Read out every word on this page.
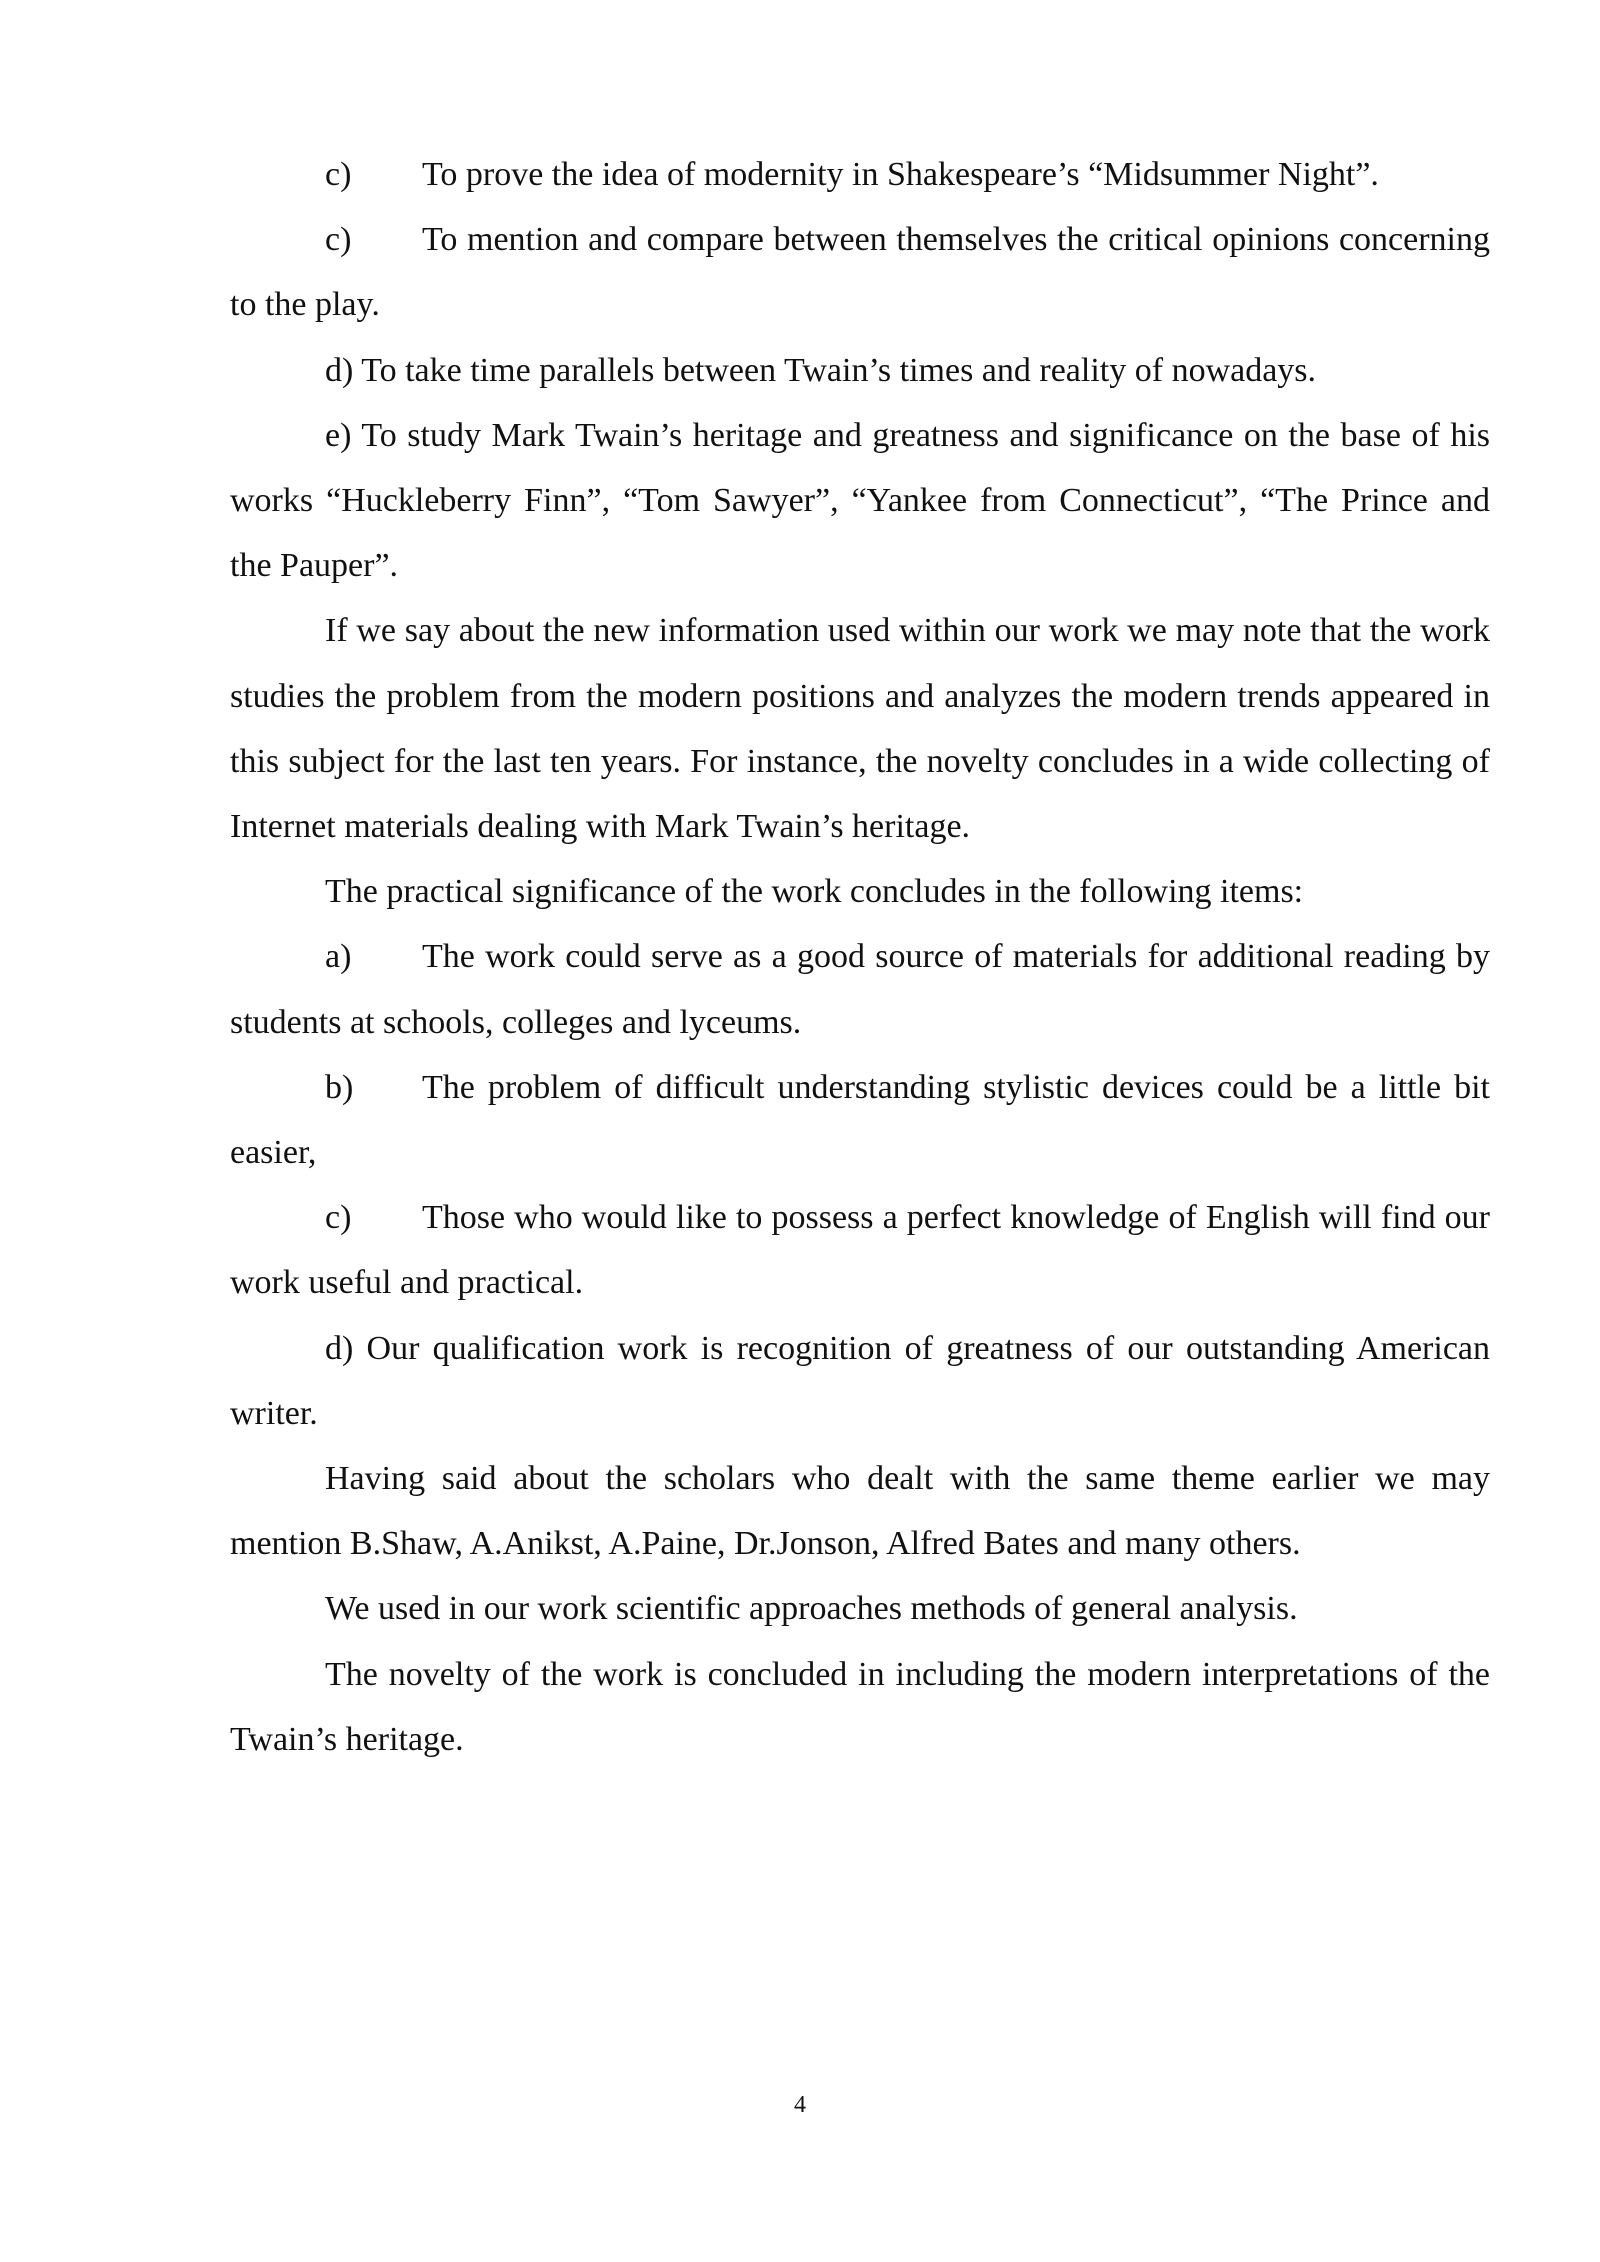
c) To prove the idea of modernity in Shakespeare’s “Midsummer Night”.

c) To mention and compare between themselves the critical opinions concerning to the play.

d) To take time parallels between Twain’s times and reality of nowadays.

e) To study Mark Twain’s heritage and greatness and significance on the base of his works “Huckleberry Finn”, “Tom Sawyer”, “Yankee from Connecticut”, “The Prince and the Pauper”.

If we say about the new information used within our work we may note that the work studies the problem from the modern positions and analyzes the modern trends appeared in this subject for the last ten years. For instance, the novelty concludes in a wide collecting of Internet materials dealing with Mark Twain’s heritage.

The practical significance of the work concludes in the following items:

a) The work could serve as a good source of materials for additional reading by students at schools, colleges and lyceums.

b) The problem of difficult understanding stylistic devices could be a little bit easier,

c) Those who would like to possess a perfect knowledge of English will find our work useful and practical.

d) Our qualification work is recognition of greatness of our outstanding American writer.

Having said about the scholars who dealt with the same theme earlier we may mention B.Shaw, A.Anikst, A.Paine, Dr.Jonson, Alfred Bates and many others.

We used in our work scientific approaches methods of general analysis.

The novelty of the work is concluded in including the modern interpretations of the Twain’s heritage.

4
